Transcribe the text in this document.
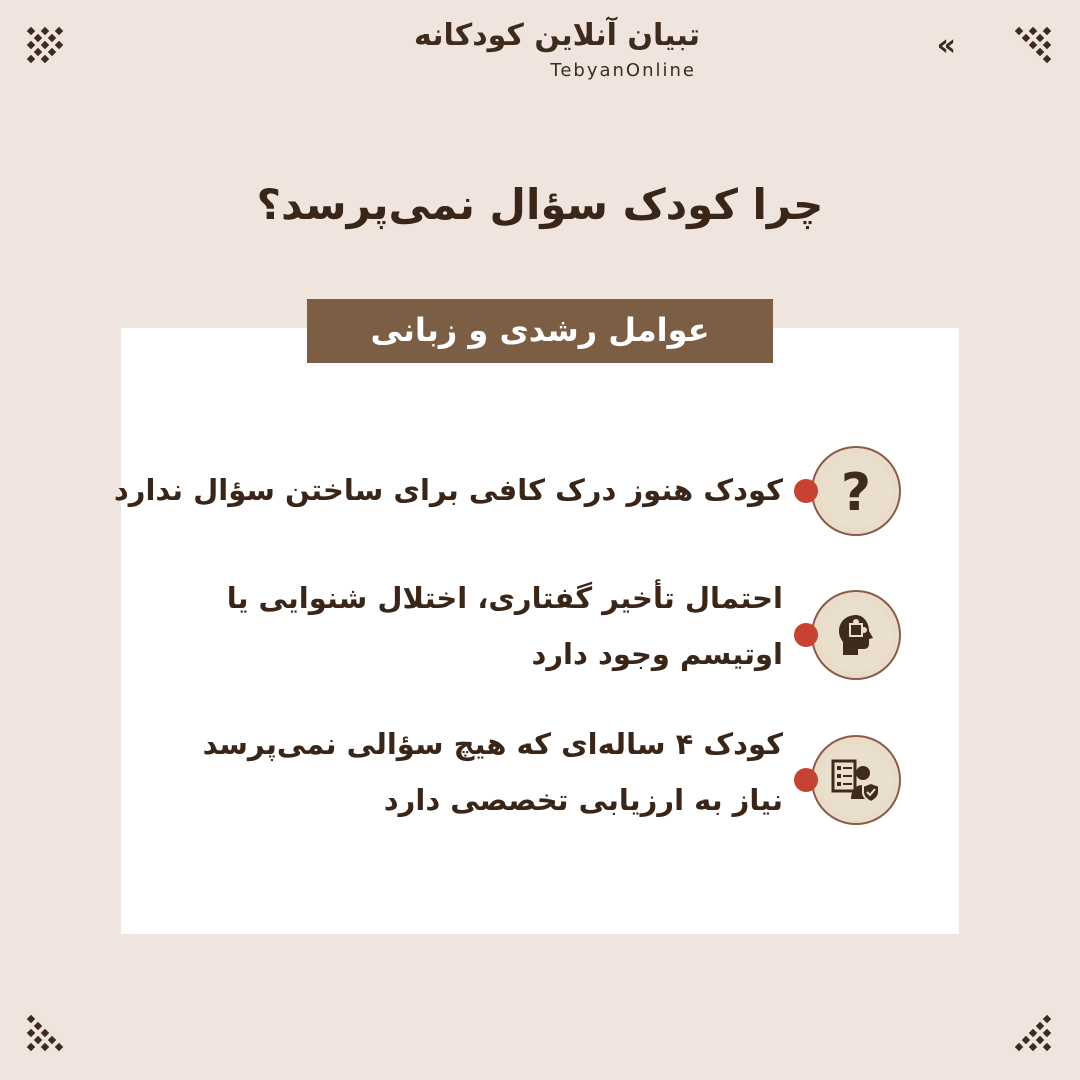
تبیان آنلاین کودکانه
TebyanOnline
«
چرا کودک سؤال نمی‌پرسد؟
عوامل رشدی و زبانی
?
کودک هنوز درک کافی برای ساختن سؤال ندارد
احتمال تأخیر گفتاری، اختلال شنوایی یا
اوتیسم وجود دارد
کودک ۴ ساله‌ای که هیچ سؤالی نمی‌پرسد
نیاز به ارزیابی تخصصی دارد
